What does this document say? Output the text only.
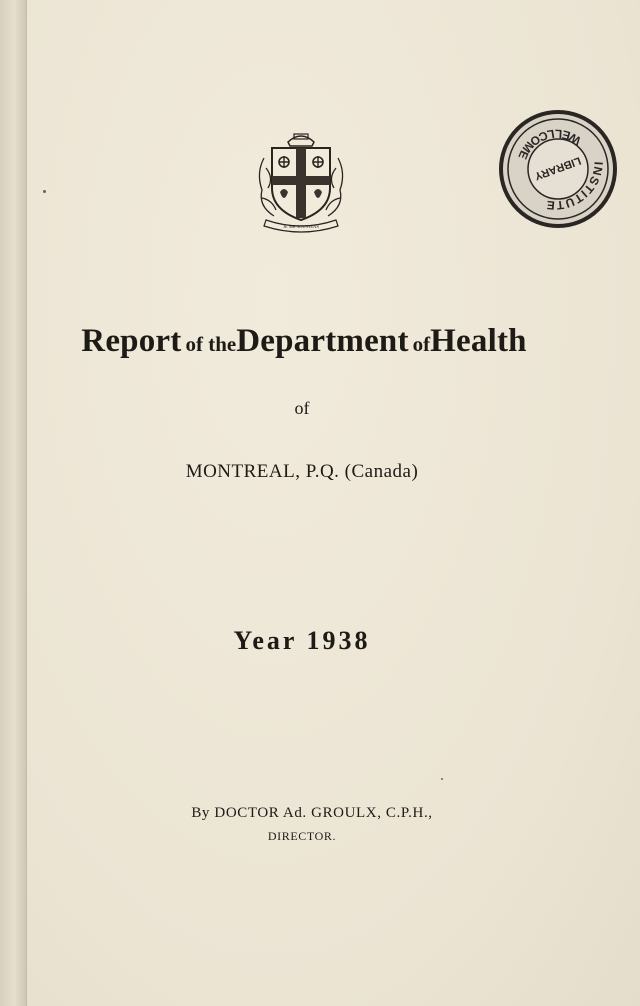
JE ME SOUVIENS
INSTITUTE
WELLCOME LIBRARY
Report of theDepartment ofHealth
of
MONTREAL, P.Q. (Canada)
Year 1938
By DOCTOR Ad. GROULX, C.P.H.,
DIRECTOR.
